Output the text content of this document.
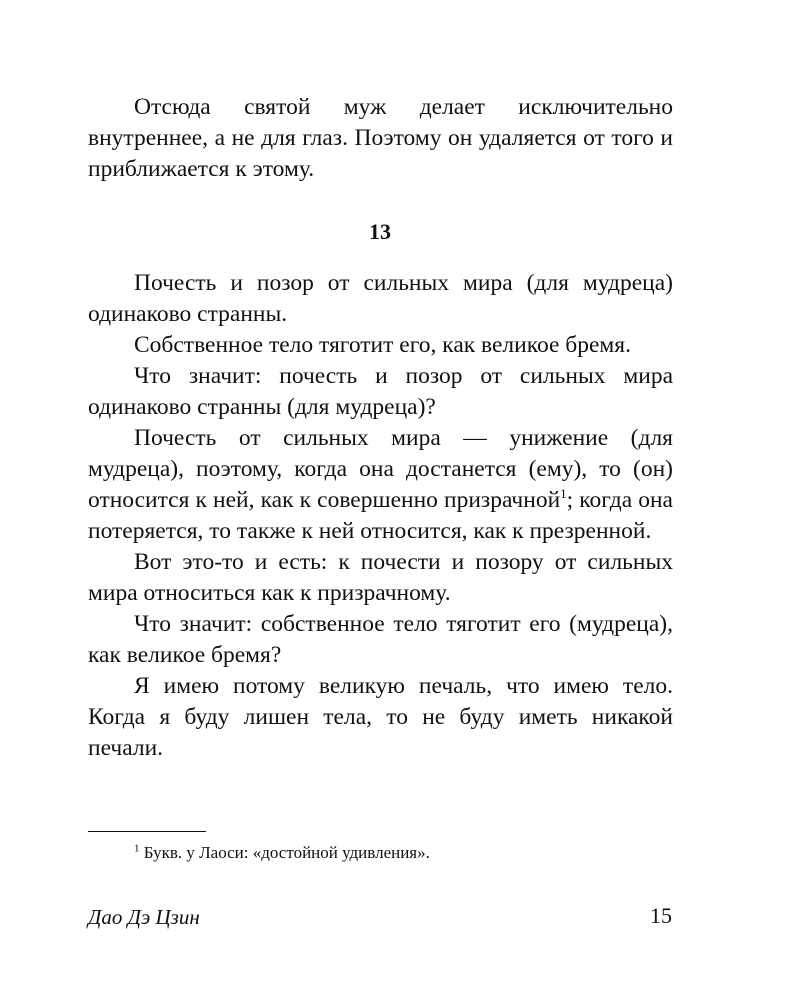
Отсюда святой муж делает исключительно внутреннее, а не для глаз. Поэтому он удаляется от того и приближается к этому.

13

Почесть и позор от сильных мира (для мудреца) одинаково странны.

Собственное тело тяготит его, как великое бремя.

Что значит: почесть и позор от сильных мира одинаково странны (для мудреца)?

Почесть от сильных мира — унижение (для мудреца), поэтому, когда она достанется (ему), то (он) относится к ней, как к совершенно призрачной$^1$; когда она потеряется, то также к ней относится, как к презренной.

Вот это-то и есть: к почести и позору от сильных мира относиться как к призрачному.

Что значит: собственное тело тяготит его (мудреца), как великое бремя?

Я имею потому великую печаль, что имею тело. Когда я буду лишен тела, то не буду иметь никакой печали.

$^1$ Букв. у Лаоси: «достойной удивления».
Дао Дэ Цзин	15
